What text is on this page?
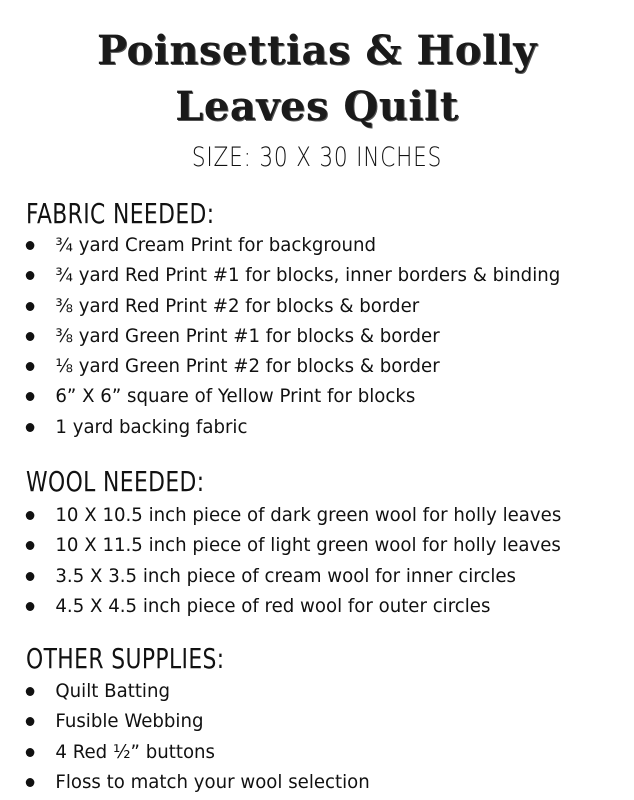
Poinsettias & Holly
Leaves Quilt
SIZE: 30 X 30 INCHES
FABRIC NEEDED:
¾ yard Cream Print for background
¾ yard Red Print #1 for blocks, inner borders & binding
⅜ yard Red Print #2 for blocks & border
⅜ yard Green Print #1 for blocks & border
⅛ yard Green Print #2 for blocks & border
6” X 6” square of Yellow Print for blocks
1 yard backing fabric
WOOL NEEDED:
10 X 10.5 inch piece of dark green wool for holly leaves
10 X 11.5 inch piece of light green wool for holly leaves
3.5 X 3.5 inch piece of cream wool for inner circles
4.5 X 4.5 inch piece of red wool for outer circles
OTHER SUPPLIES:
Quilt Batting
Fusible Webbing
4 Red ½” buttons
Floss to match your wool selection
